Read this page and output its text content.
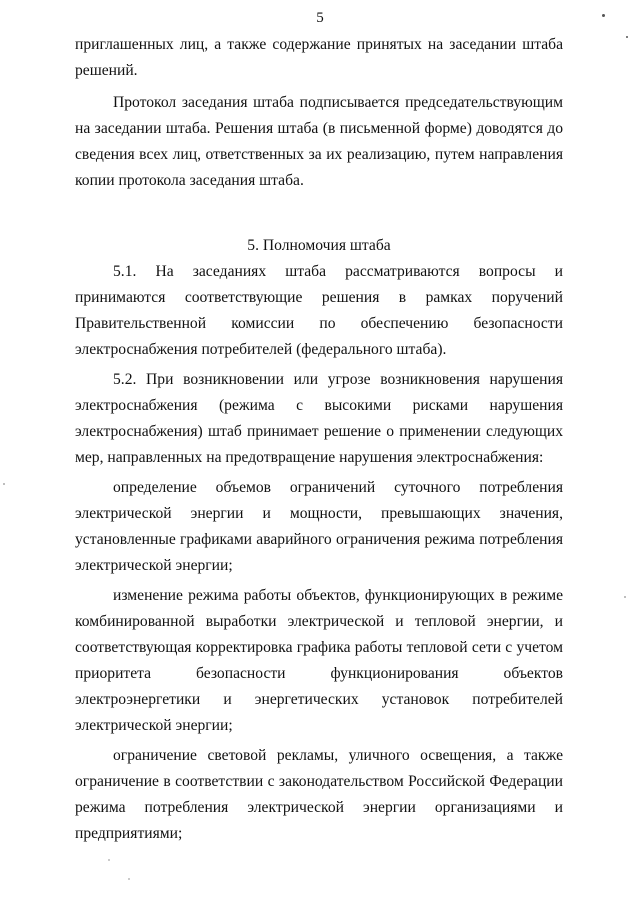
5

приглашенных лиц, а также содержание принятых на заседании штаба решений.

Протокол заседания штаба подписывается председательствующим на заседании штаба. Решения штаба (в письменной форме) доводятся до сведения всех лиц, ответственных за их реализацию, путем направления копии протокола заседания штаба.

5. Полномочия штаба

5.1. На заседаниях штаба рассматриваются вопросы и принимаются соответствующие решения в рамках поручений Правительственной комиссии по обеспечению безопасности электроснабжения потребителей (федерального штаба).

5.2. При возникновении или угрозе возникновения нарушения электроснабжения (режима с высокими рисками нарушения электроснабжения) штаб принимает решение о применении следующих мер, направленных на предотвращение нарушения электроснабжения:

определение объемов ограничений суточного потребления электрической энергии и мощности, превышающих значения, установленные графиками аварийного ограничения режима потребления электрической энергии;

изменение режима работы объектов, функционирующих в режиме комбинированной выработки электрической и тепловой энергии, и соответствующая корректировка графика работы тепловой сети с учетом приоритета безопасности функционирования объектов электроэнергетики и энергетических установок потребителей электрической энергии;

ограничение световой рекламы, уличного освещения, а также ограничение в соответствии с законодательством Российской Федерации режима потребления электрической энергии организациями и предприятиями;
